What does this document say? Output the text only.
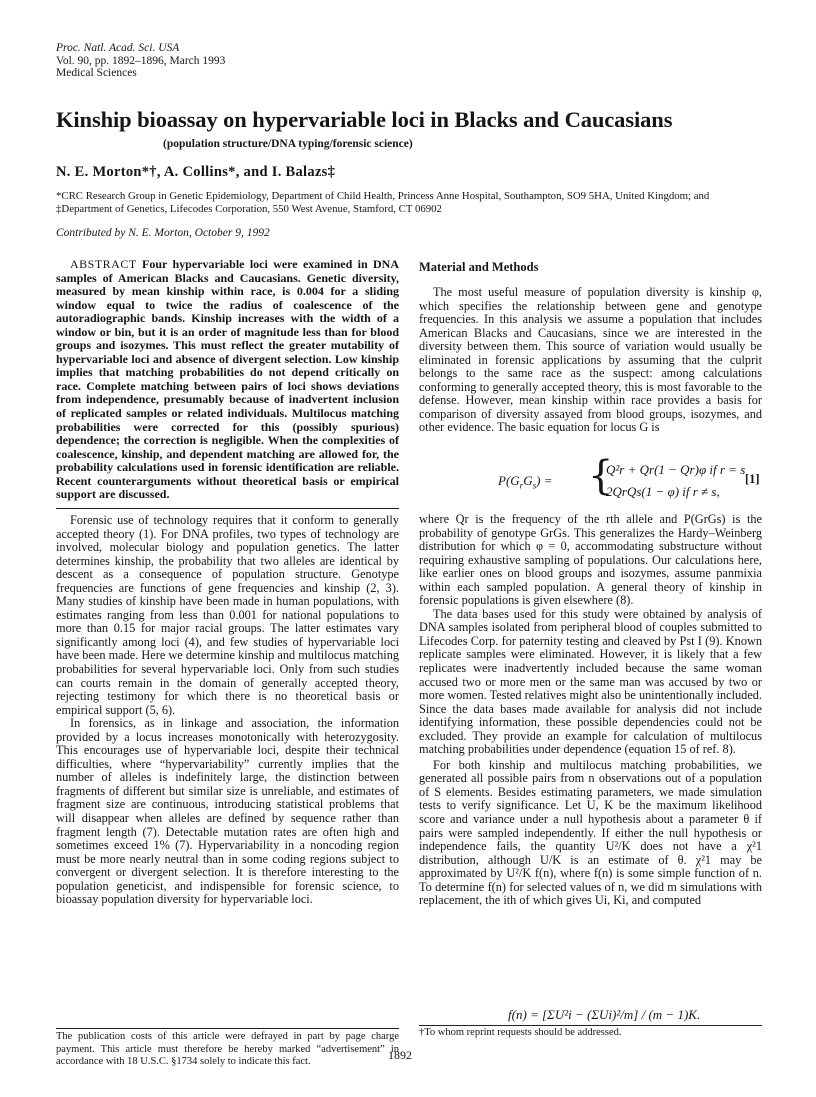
Proc. Natl. Acad. Sci. USA
Vol. 90, pp. 1892–1896, March 1993
Medical Sciences
Kinship bioassay on hypervariable loci in Blacks and Caucasians
(population structure/DNA typing/forensic science)
N. E. Morton*†, A. Collins*, and I. Balazs‡
*CRC Research Group in Genetic Epidemiology, Department of Child Health, Princess Anne Hospital, Southampton, SO9 5HA, United Kingdom; and
‡Department of Genetics, Lifecodes Corporation, 550 West Avenue, Stamford, CT 06902
Contributed by N. E. Morton, October 9, 1992

ABSTRACT Four hypervariable loci were examined in DNA samples of American Blacks and Caucasians. Genetic diversity, measured by mean kinship within race, is 0.004 for a sliding window equal to twice the radius of coalescence of the autoradiographic bands. Kinship increases with the width of a window or bin, but it is an order of magnitude less than for blood groups and isozymes. This must reflect the greater mutability of hypervariable loci and absence of divergent selection. Low kinship implies that matching probabilities do not depend critically on race. Complete matching between pairs of loci shows deviations from independence, presumably because of inadvertent inclusion of replicated samples or related individuals. Multilocus matching probabilities were corrected for this (possibly spurious) dependence; the correction is negligible. When the complexities of coalescence, kinship, and dependent matching are allowed for, the probability calculations used in forensic identification are reliable. Recent counterarguments without theoretical basis or empirical support are discussed.

Forensic use of technology requires that it conform to generally accepted theory (1). For DNA profiles, two types of technology are involved, molecular biology and population genetics. The latter determines kinship, the probability that two alleles are identical by descent as a consequence of population structure. Genotype frequencies are functions of gene frequencies and kinship (2, 3). Many studies of kinship have been made in human populations, with estimates ranging from less than 0.001 for national populations to more than 0.15 for major racial groups. The latter estimates vary significantly among loci (4), and few studies of hypervariable loci have been made. Here we determine kinship and multilocus matching probabilities for several hypervariable loci. Only from such studies can courts remain in the domain of generally accepted theory, rejecting testimony for which there is no theoretical basis or empirical support (5, 6).

In forensics, as in linkage and association, the information provided by a locus increases monotonically with heterozygosity. This encourages use of hypervariable loci, despite their technical difficulties, where “hypervariability” currently implies that the number of alleles is indefinitely large, the distinction between fragments of different but similar size is unreliable, and estimates of fragment size are continuous, introducing statistical problems that will disappear when alleles are defined by sequence rather than fragment length (7). Detectable mutation rates are often high and sometimes exceed 1% (7). Hypervariability in a noncoding region must be more nearly neutral than in some coding regions subject to convergent or divergent selection. It is therefore interesting to the population geneticist, and indispensible for forensic science, to bioassay population diversity for hypervariable loci.

The publication costs of this article were defrayed in part by page charge payment. This article must therefore be hereby marked “advertisement” in accordance with 18 U.S.C. §1734 solely to indicate this fact.
Material and Methods

The most useful measure of population diversity is kinship φ, which specifies the relationship between gene and genotype frequencies. In this analysis we assume a population that includes American Blacks and Caucasians, since we are interested in the diversity between them. This source of variation would usually be eliminated in forensic applications by assuming that the culprit belongs to the same race as the suspect: among calculations conforming to generally accepted theory, this is most favorable to the defense. However, mean kinship within race provides a basis for comparison of diversity assayed from blood groups, isozymes, and other evidence. The basic equation for locus G is

$P(G_rG_s)$ = {
Q²r + Qr(1 − Qr)φ if r = s
2QrQs(1 − φ) if r ≠ s,
[1]

where Qr is the frequency of the rth allele and P(GrGs) is the probability of genotype GrGs. This generalizes the Hardy–Weinberg distribution for which φ = 0, accommodating substructure without requiring exhaustive sampling of populations. Our calculations here, like earlier ones on blood groups and isozymes, assume panmixia within each sampled population. A general theory of kinship in forensic populations is given elsewhere (8).

The data bases used for this study were obtained by analysis of DNA samples isolated from peripheral blood of couples submitted to Lifecodes Corp. for paternity testing and cleaved by Pst I (9). Known replicate samples were eliminated. However, it is likely that a few replicates were inadvertently included because the same woman accused two or more men or the same man was accused by two or more women. Tested relatives might also be unintentionally included. Since the data bases made available for analysis did not include identifying information, these possible dependencies could not be excluded. They provide an example for calculation of multilocus matching probabilities under dependence (equation 15 of ref. 8).

For both kinship and multilocus matching probabilities, we generated all possible pairs from n observations out of a population of S elements. Besides estimating parameters, we made simulation tests to verify significance. Let U, K be the maximum likelihood score and variance under a null hypothesis about a parameter θ if pairs were sampled independently. If either the null hypothesis or independence fails, the quantity U²/K does not have a χ²1 distribution, although U/K is an estimate of θ. χ²1 may be approximated by U²/K f(n), where f(n) is some simple function of n. To determine f(n) for selected values of n, we did m simulations with replacement, the ith of which gives Ui, Ki, and computed

f(n) = [ΣU²i − (ΣUi)²/m] / (m − 1)K.
†To whom reprint requests should be addressed.
1892
